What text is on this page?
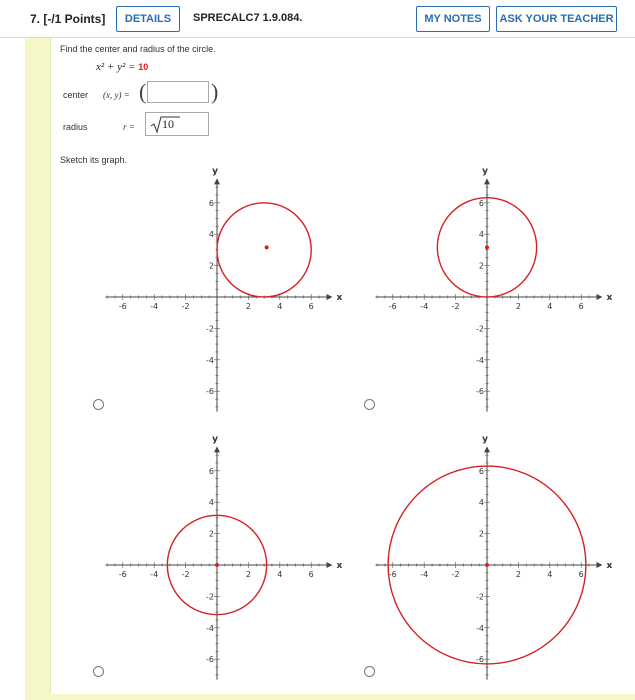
7. [-/1 Points]	DETAILS	SPRECALC7 1.9.084.	MY NOTES	ASK YOUR TEACHER
Find the center and radius of the circle.
x² + y² = 10
center (x, y) = (	)
radius	r = 10
Sketch its graph.
-6	-4	-2	2	4	6
6
4
2
-2
-4
-6
x
y
-6	-4	-2	2	4	6
6
4
2
-2
-4
-6
x
y
-6	-4	-2	2	4	6
6
4
2
-2
-4
-6
x
y
-6	-4	-2	2	4	6
6
4
2
-2
-4
-6
x
y
